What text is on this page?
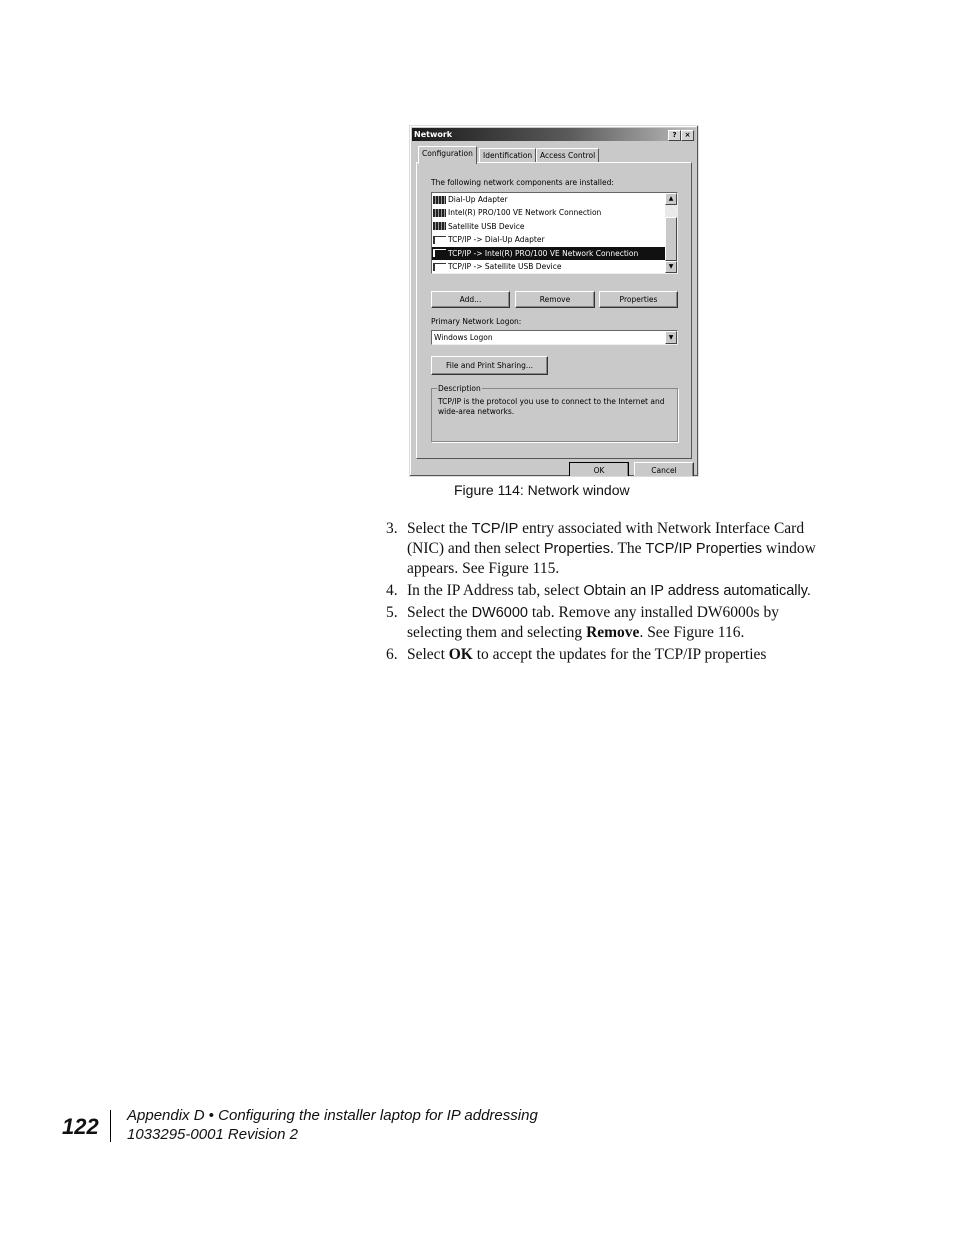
Network	?	×
Configuration	Identification	Access Control
The following network components are installed:
Dial-Up Adapter
Intel(R) PRO/100 VE Network Connection
Satellite USB Device
TCP/IP -> Dial-Up Adapter
TCP/IP -> Intel(R) PRO/100 VE Network Connection
TCP/IP -> Satellite USB Device
▲
▼
Add...	Remove	Properties
Primary Network Logon:
Windows Logon	▼
File and Print Sharing...
Description
TCP/IP is the protocol you use to connect to the Internet and wide-area networks.
OK	Cancel
Figure 114: Network window
3. Select the TCP/IP entry associated with Network Interface Card (NIC) and then select Properties. The TCP/IP Properties window appears. See Figure 115.
4. In the IP Address tab, select Obtain an IP address automatically.
5. Select the DW6000 tab. Remove any installed DW6000s by selecting them and selecting Remove. See Figure 116.
6. Select OK to accept the updates for the TCP/IP properties
122 Appendix D • Configuring the installer laptop for IP addressing
1033295-0001 Revision 2
